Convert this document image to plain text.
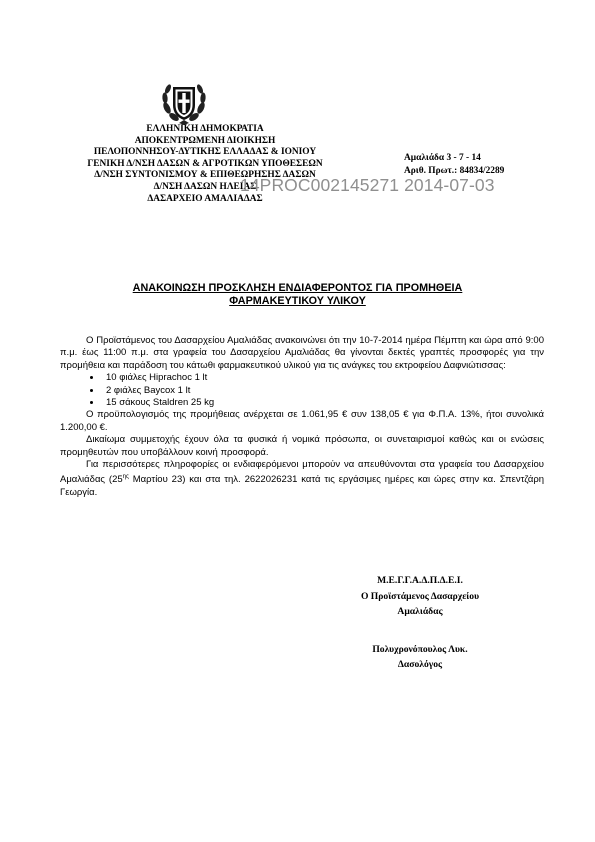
ΕΛΛΗΝΙΚΗ ΔΗΜΟΚΡΑΤΙΑ
ΑΠΟΚΕΝΤΡΩΜΕΝΗ ΔΙΟΙΚΗΣΗ
ΠΕΛΟΠΟΝΝΗΣΟΥ-ΔΥΤΙΚΗΣ ΕΛΛΑΔΑΣ & ΙΟΝΙΟΥ
ΓΕΝΙΚΗ Δ/ΝΣΗ ΔΑΣΩΝ & ΑΓΡΟΤΙΚΩΝ ΥΠΟΘΕΣΕΩΝ
Δ/ΝΣΗ ΣΥΝΤΟΝΙΣΜΟΥ & ΕΠΙΘΕΩΡΗΣΗΣ ΔΑΣΩΝ
Δ/ΝΣΗ ΔΑΣΩΝ ΗΛΕΙΑΣ
ΔΑΣΑΡΧΕΙΟ ΑΜΑΛΙΑΔΑΣ
Αμαλιάδα 3 - 7 - 14
Αριθ. Πρωτ.: 84834/2289
14PROC002145271 2014-07-03
ΑΝΑΚΟΙΝΩΣΗ ΠΡΟΣΚΛΗΣΗ ΕΝΔΙΑΦΕΡΟΝΤΟΣ ΓΙΑ ΠΡΟΜΗΘΕΙΑ
ΦΑΡΜΑΚΕΥΤΙΚΟΥ ΥΛΙΚΟΥ

Ο Προϊστάμενος του Δασαρχείου Αμαλιάδας ανακοινώνει ότι την 10-7-2014 ημέρα Πέμπτη και ώρα από 9:00 π.μ. έως 11:00 π.μ. στα γραφεία του Δασαρχείου Αμαλιάδας θα γίνονται δεκτές γραπτές προσφορές για την προμήθεια και παράδοση του κάτωθι φαρμακευτικού υλικού για τις ανάγκες του εκτροφείου Δαφνιώτισσας:

• 10 φιάλες Hiprachoc 1 lt
• 2 φιάλες Baycox 1 lt
• 15 σάκους Staldren 25 kg

Ο προϋπολογισμός της προμήθειας ανέρχεται σε 1.061,95 € συν 138,05 € για Φ.Π.Α. 13%, ήτοι συνολικά 1.200,00 €.

Δικαίωμα συμμετοχής έχουν όλα τα φυσικά ή νομικά πρόσωπα, οι συνεταιρισμοί καθώς και οι ενώσεις προμηθευτών που υποβάλλουν κοινή προσφορά.

Για περισσότερες πληροφορίες οι ενδιαφερόμενοι μπορούν να απευθύνονται στα γραφεία του Δασαρχείου Αμαλιάδας ($25^{\eta\varsigma}$ Μαρτίου 23) και στα τηλ. 2622026231 κατά τις εργάσιμες ημέρες και ώρες στην κα. Σπεντζάρη Γεωργία.

Μ.Ε.Γ.Γ.Α.Δ.Π.Δ.Ε.Ι.
Ο Προϊστάμενος Δασαρχείου
Αμαλιάδας
Πολυχρονόπουλος Λυκ.
Δασολόγος
